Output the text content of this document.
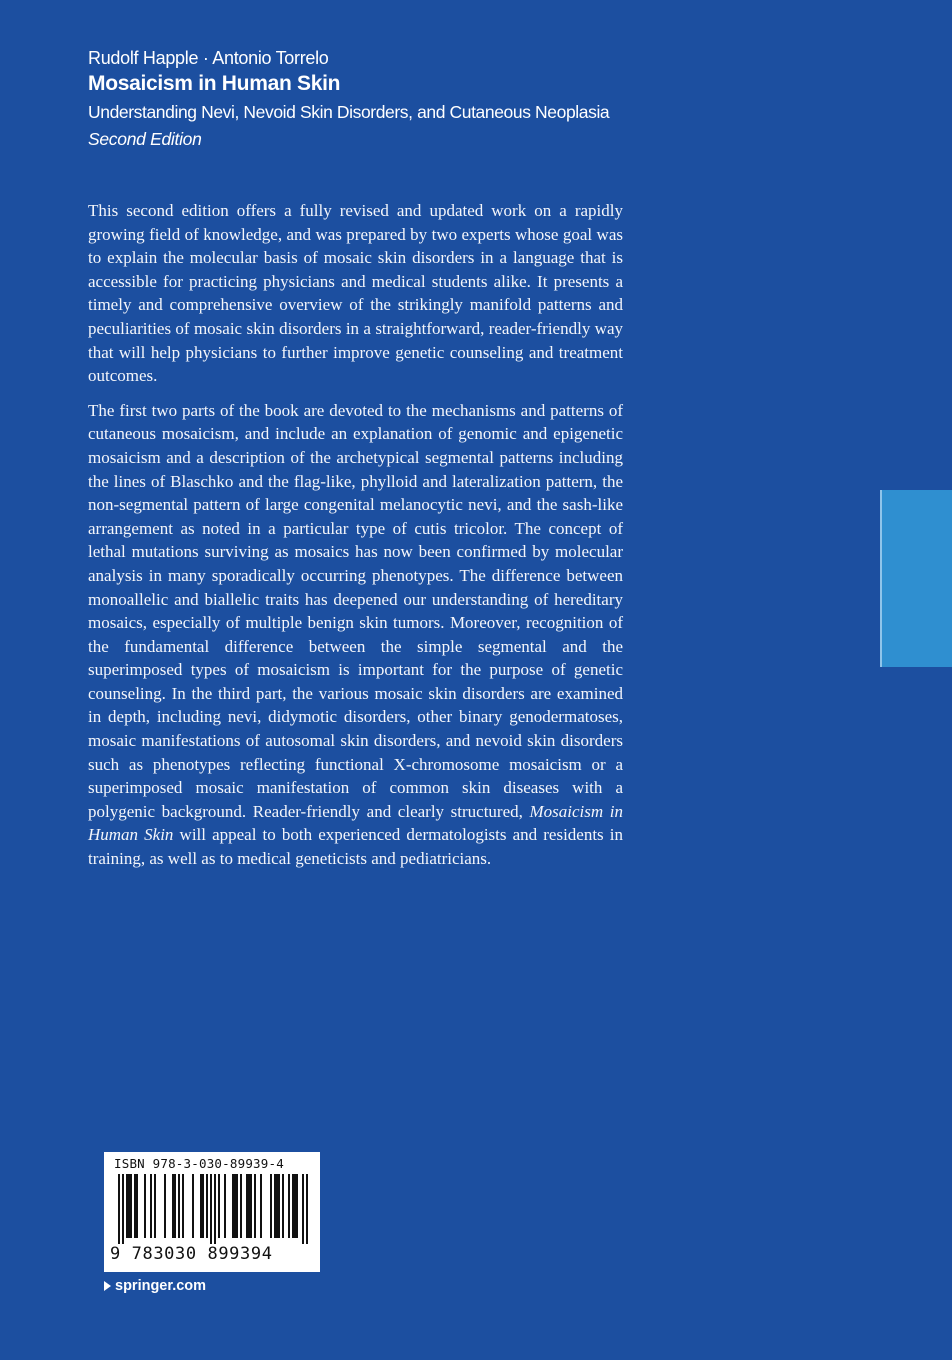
Rudolf Happle · Antonio Torrelo
Mosaicism in Human Skin
Understanding Nevi, Nevoid Skin Disorders, and Cutaneous Neoplasia
Second Edition

This second edition offers a fully revised and updated work on a rapidly growing field of knowledge, and was prepared by two experts whose goal was to explain the molecular basis of mosaic skin disorders in a language that is accessible for practicing physicians and medical students alike. It presents a timely and comprehensive overview of the strikingly manifold patterns and peculiarities of mosaic skin disorders in a straightforward, reader-friendly way that will help physicians to further improve genetic counseling and treatment outcomes.

The first two parts of the book are devoted to the mechanisms and patterns of cutaneous mosaicism, and include an explanation of genomic and epigenetic mosaicism and a description of the archetypical segmental patterns including the lines of Blaschko and the flag-like, phylloid and lateralization pattern, the non-segmental pattern of large congenital melanocytic nevi, and the sash-like arrangement as noted in a particular type of cutis tricolor. The concept of lethal mutations surviving as mosaics has now been confirmed by molecular analysis in many sporadically occurring phenotypes. The difference between monoallelic and biallelic traits has deepened our understanding of hereditary mosaics, especially of multiple benign skin tumors. Moreover, recognition of the fundamental difference between the simple segmental and the superimposed types of mosaicism is important for the purpose of genetic counseling. In the third part, the various mosaic skin disorders are examined in depth, including nevi, didymotic disorders, other binary genodermatoses, mosaic manifestations of autosomal skin disorders, and nevoid skin disorders such as phenotypes reflecting functional X-chromosome mosaicism or a superimposed mosaic manifestation of common skin diseases with a polygenic background. Reader-friendly and clearly structured, Mosaicism in Human Skin will appeal to both experienced dermatologists and residents in training, as well as to medical geneticists and pediatricians.

ISBN 978-3-030-89939-4
9 783030 899394
springer.com
